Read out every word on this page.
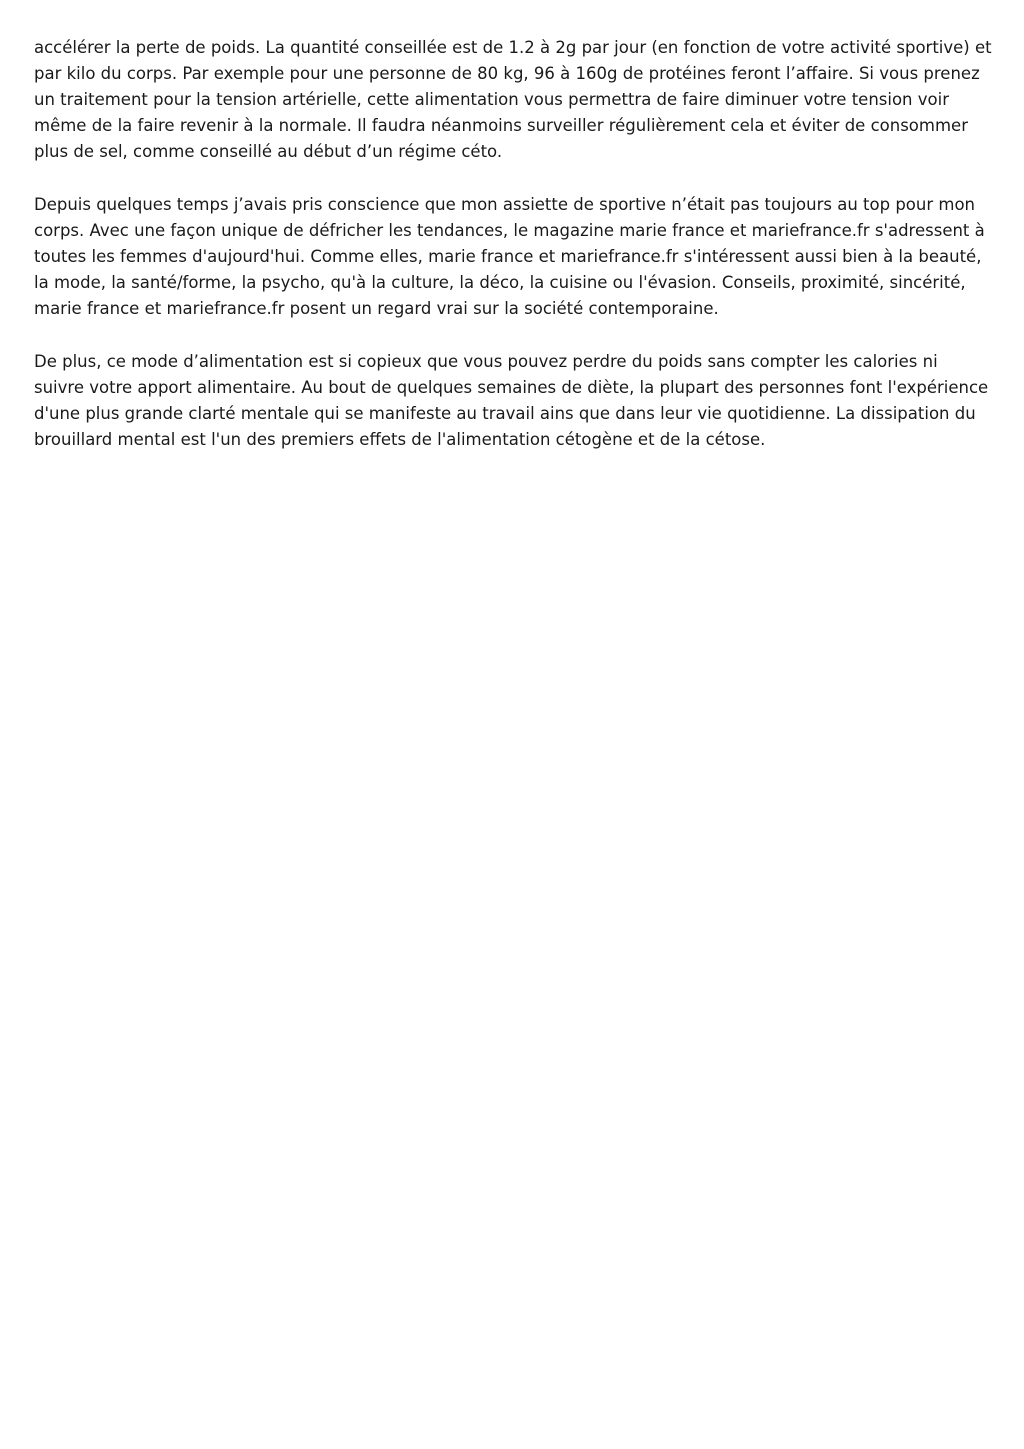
accélérer la perte de poids. La quantité conseillée est de 1.2 à 2g par jour (en fonction de votre activité sportive) et
par kilo du corps. Par exemple pour une personne de 80 kg, 96 à 160g de protéines feront l’affaire. Si vous prenez
un traitement pour la tension artérielle, cette alimentation vous permettra de faire diminuer votre tension voir
même de la faire revenir à la normale. Il faudra néanmoins surveiller régulièrement cela et éviter de consommer
plus de sel, comme conseillé au début d’un régime céto.

Depuis quelques temps j’avais pris conscience que mon assiette de sportive n’était pas toujours au top pour mon
corps. Avec une façon unique de défricher les tendances, le magazine marie france et mariefrance.fr s'adressent à
toutes les femmes d'aujourd'hui. Comme elles, marie france et mariefrance.fr s'intéressent aussi bien à la beauté,
la mode, la santé/forme, la psycho, qu'à la culture, la déco, la cuisine ou l'évasion. Conseils, proximité, sincérité,
marie france et mariefrance.fr posent un regard vrai sur la société contemporaine.

De plus, ce mode d’alimentation est si copieux que vous pouvez perdre du poids sans compter les calories ni
suivre votre apport alimentaire. Au bout de quelques semaines de diète, la plupart des personnes font l'expérience
d'une plus grande clarté mentale qui se manifeste au travail ains que dans leur vie quotidienne. La dissipation du
brouillard mental est l'un des premiers effets de l'alimentation cétogène et de la cétose.
